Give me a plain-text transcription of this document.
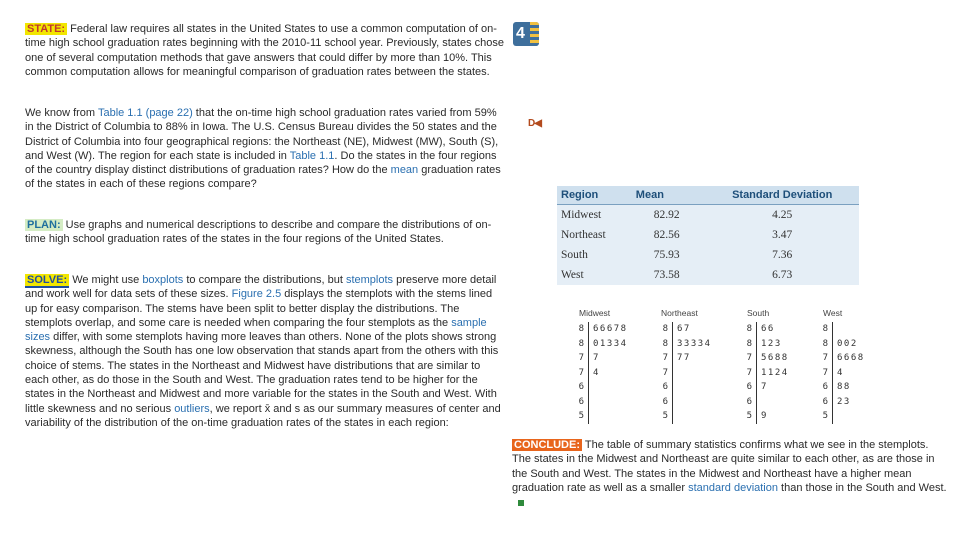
STATE: Federal law requires all states in the United States to use a common computation of on-time high school graduation rates beginning with the 2010-11 school year. Previously, states chose one of several computation methods that gave answers that could differ by more than 10%. This common computation allows for meaningful comparison of graduation rates between the states.

We know from Table 1.1 (page 22) that the on-time high school graduation rates varied from 59% in the District of Columbia to 88% in Iowa. The U.S. Census Bureau divides the 50 states and the District of Columbia into four geographical regions: the Northeast (NE), Midwest (MW), South (S), and West (W). The region for each state is included in Table 1.1. Do the states in the four regions of the country display distinct distributions of graduation rates? How do the mean graduation rates of the states in each of these regions compare?

PLAN: Use graphs and numerical descriptions to describe and compare the distributions of on-time high school graduation rates of the states in the four regions of the United States.

SOLVE: We might use boxplots to compare the distributions, but stemplots preserve more detail and work well for data sets of these sizes. Figure 2.5 displays the stemplots with the stems lined up for easy comparison. The stems have been split to better display the distributions. The stemplots overlap, and some care is needed when comparing the four stemplots as the sample sizes differ, with some stemplots having more leaves than others. None of the plots shows strong skewness, although the South has one low observation that stands apart from the others with this choice of stems. The states in the Northeast and Midwest have distributions that are similar to each other, as do those in the South and West. The graduation rates tend to be higher for the states in the Northeast and Midwest and more variable for the states in the South and West. With little skewness and no serious outliers, we report x̄ and s as our summary measures of center and variability of the distribution of the on-time graduation rates of the states in each region:

4
D◀
Region	Mean	Standard Deviation
Midwest	82.92	4.25
Northeast	82.56	3.47
South	75.93	7.36
West	73.58	6.73
Midwest	Northeast	South	West
8 66678
8 01334
7 7
7 4
6
6
5
8 67
8 33334
7 77
7
6
6
5
8 66
8 123
7 5688
7 1124
6 7
6
5 9
8
8 002
7 6668
7 4
6 88
6 23
5

CONCLUDE: The table of summary statistics confirms what we see in the stemplots. The states in the Midwest and Northeast are quite similar to each other, as are those in the South and West. The states in the Midwest and Northeast have a higher mean graduation rate as well as a smaller standard deviation than those in the South and West.
